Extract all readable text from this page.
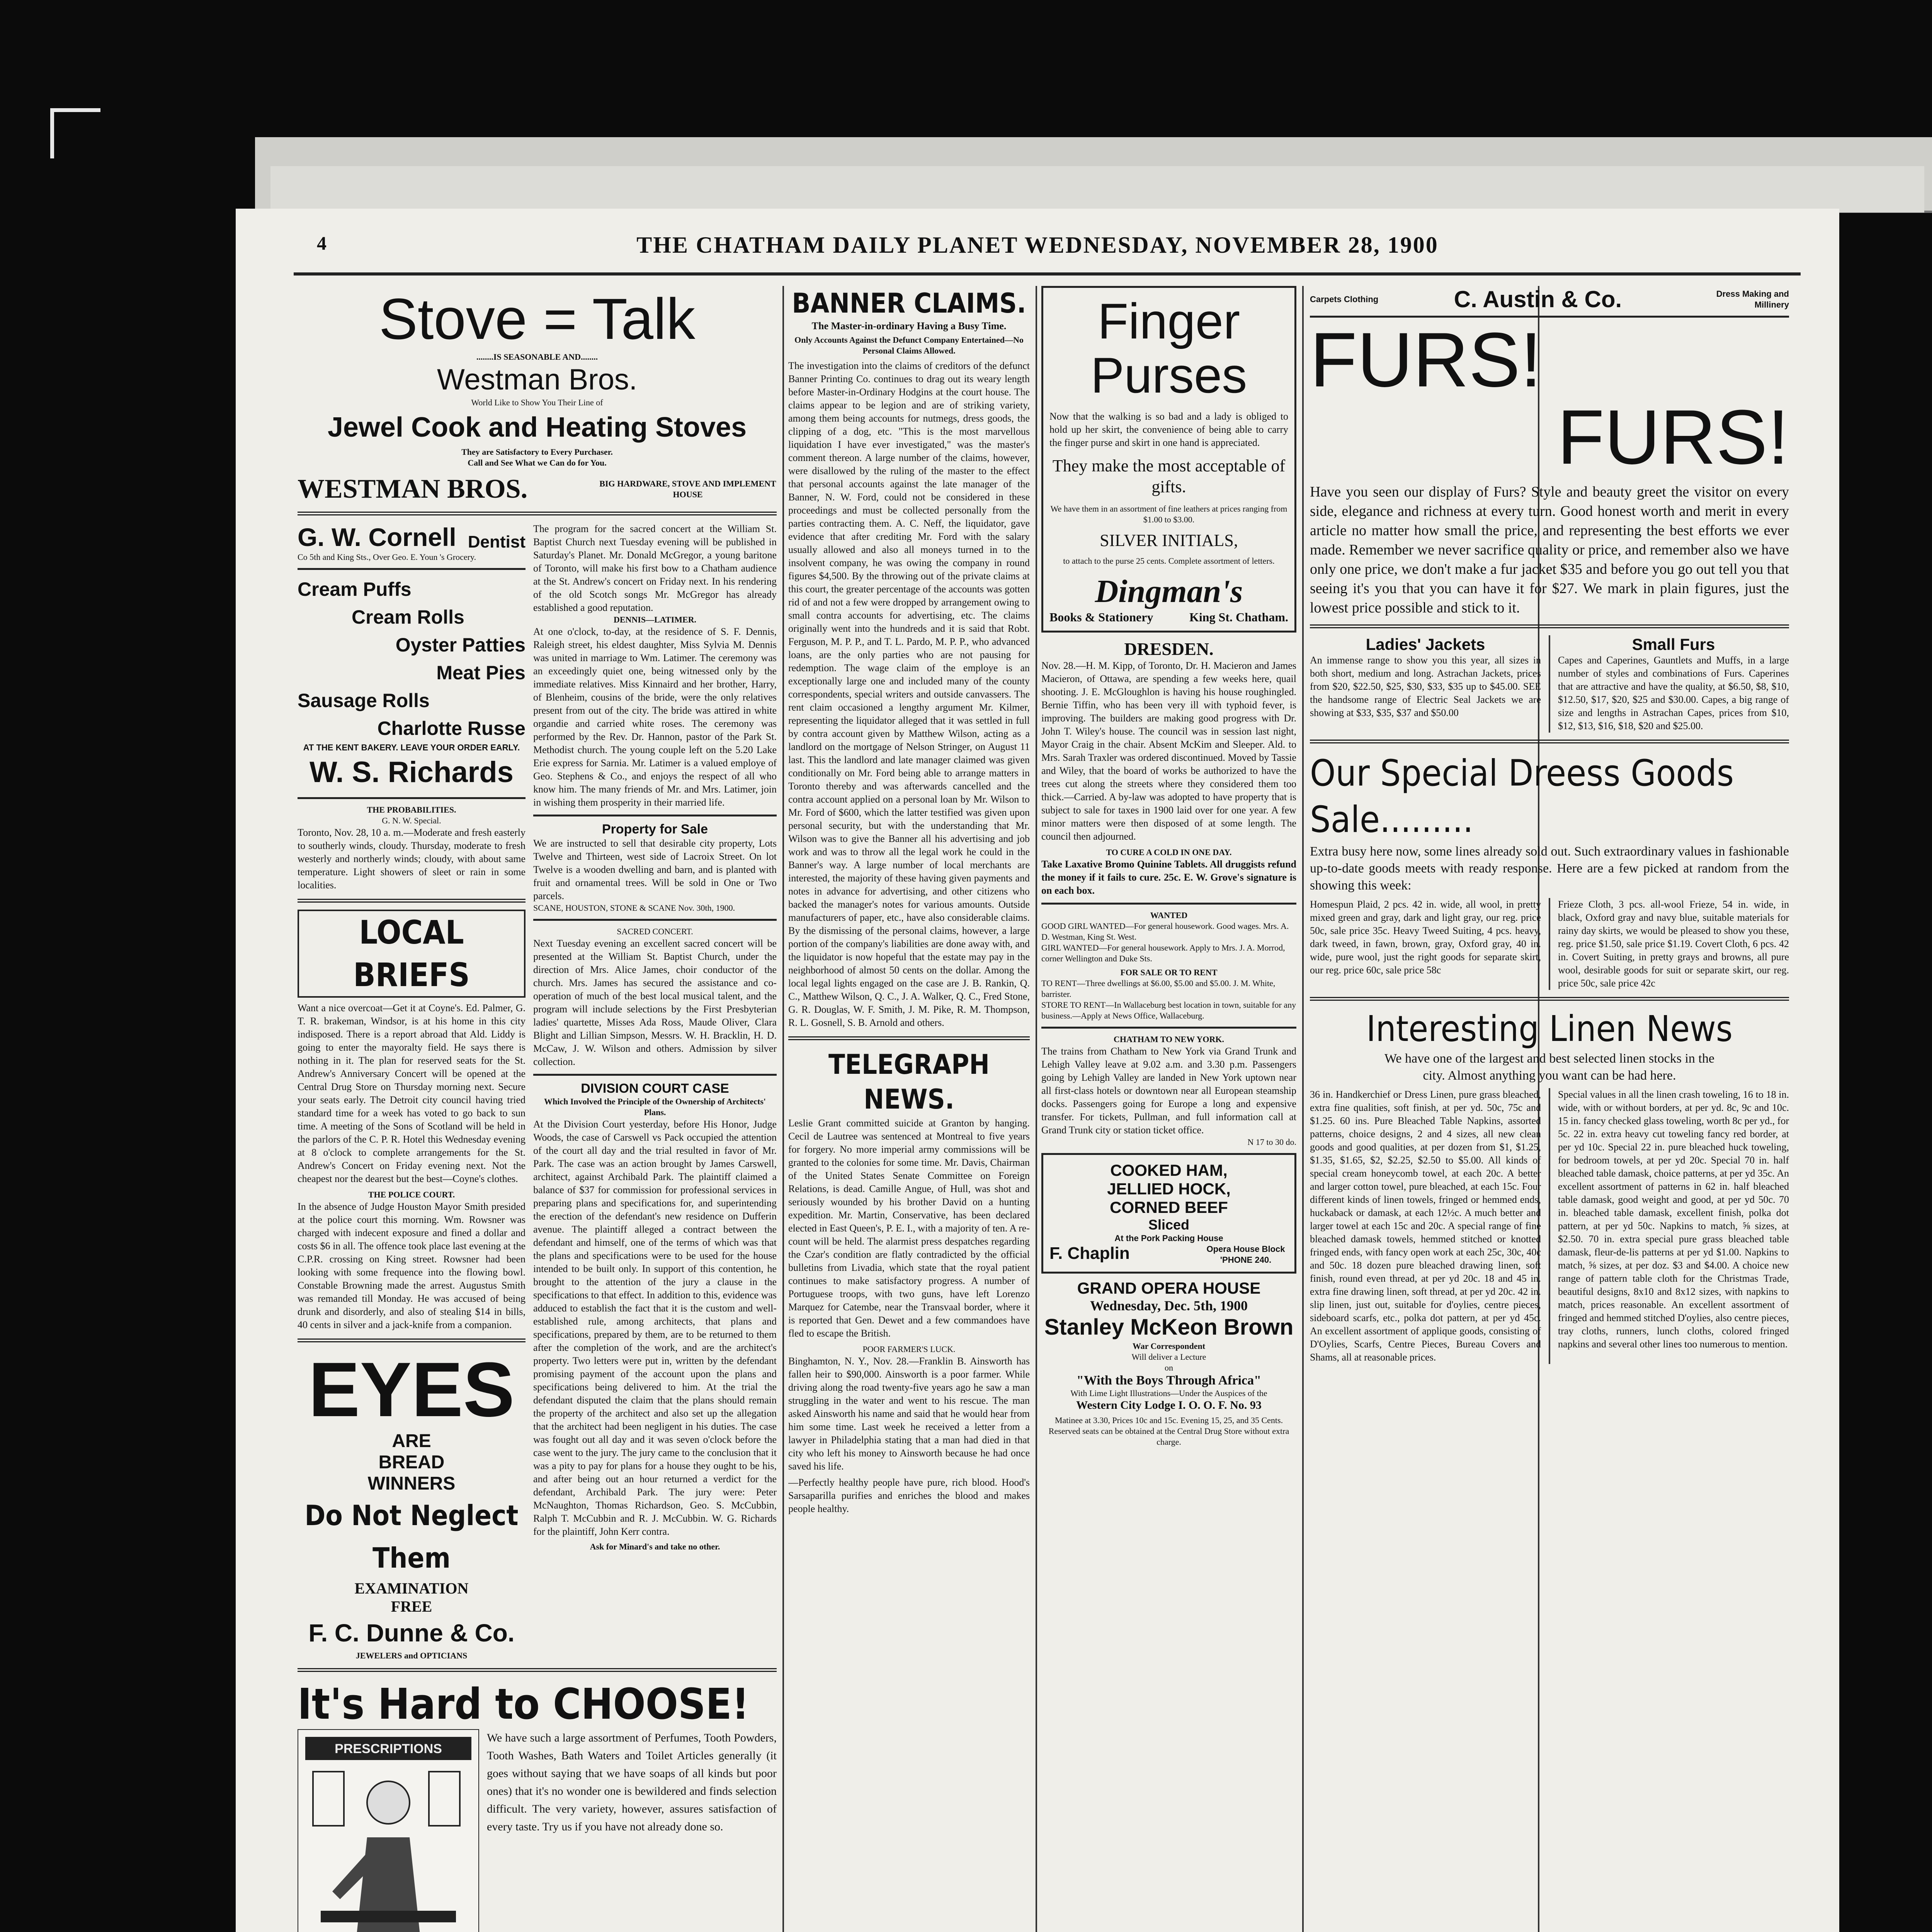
4	THE CHATHAM DAILY PLANET WEDNESDAY, NOVEMBER 28, 1900
Stove = Talk
........IS SEASONABLE AND........
Westman Bros.
World Like to Show You Their Line of
Jewel Cook and Heating Stoves
They are Satisfactory to Every Purchaser.
Call and See What we Can do for You.
WESTMAN BROS.	BIG HARDWARE, STOVE AND IMPLEMENT HOUSE
G. W. Cornell Dentist
Co 5th and King Sts., Over Geo. E. Youn 's Grocery.
Cream Puffs
Cream Rolls
Oyster Patties
Meat Pies
Sausage Rolls
Charlotte Russe
AT THE KENT BAKERY. LEAVE YOUR ORDER EARLY.
W. S. Richards
THE PROBABILITIES.
G. N. W. Special.
Toronto, Nov. 28, 10 a. m.—Moderate and fresh easterly to southerly winds, cloudy. Thursday, moderate to fresh westerly and northerly winds; cloudy, with about same temperature. Light showers of sleet or rain in some localities.
LOCAL BRIEFS
Want a nice overcoat—Get it at Coyne's. Ed. Palmer, G. T. R. brakeman, Windsor, is at his home in this city indisposed. There is a report abroad that Ald. Liddy is going to enter the mayoralty field. He says there is nothing in it. The plan for reserved seats for the St. Andrew's Anniversary Concert will be opened at the Central Drug Store on Thursday morning next. Secure your seats early. The Detroit city council having tried standard time for a week has voted to go back to sun time. A meeting of the Sons of Scotland will be held in the parlors of the C. P. R. Hotel this Wednesday evening at 8 o'clock to complete arrangements for the St. Andrew's Concert on Friday evening next. Not the cheapest nor the dearest but the best—Coyne's clothes.
THE POLICE COURT.
In the absence of Judge Houston Mayor Smith presided at the police court this morning. Wm. Rowsner was charged with indecent exposure and fined a dollar and costs $6 in all. The offence took place last evening at the C.P.R. crossing on King street. Rowsner had been looking with some frequence into the flowing bowl. Constable Browning made the arrest. Augustus Smith was remanded till Monday. He was accused of being drunk and disorderly, and also of stealing $14 in bills, 40 cents in silver and a jack-knife from a companion.
EYES
ARE
BREAD
WINNERS
Do Not Neglect Them
EXAMINATION
FREE
F. C. Dunne & Co.
JEWELERS and OPTICIANS
The program for the sacred concert at the William St. Baptist Church next Tuesday evening will be published in Saturday's Planet. Mr. Donald McGregor, a young baritone of Toronto, will make his first bow to a Chatham audience at the St. Andrew's concert on Friday next. In his rendering of the old Scotch songs Mr. McGregor has already established a good reputation.
DENNIS—LATIMER.
At one o'clock, to-day, at the residence of S. F. Dennis, Raleigh street, his eldest daughter, Miss Sylvia M. Dennis was united in marriage to Wm. Latimer. The ceremony was an exceedingly quiet one, being witnessed only by the immediate relatives. Miss Kinnaird and her brother, Harry, of Blenheim, cousins of the bride, were the only relatives present from out of the city. The bride was attired in white organdie and carried white roses. The ceremony was performed by the Rev. Dr. Hannon, pastor of the Park St. Methodist church. The young couple left on the 5.20 Lake Erie express for Sarnia. Mr. Latimer is a valued employe of Geo. Stephens & Co., and enjoys the respect of all who know him. The many friends of Mr. and Mrs. Latimer, join in wishing them prosperity in their married life.
Property for Sale
We are instructed to sell that desirable city property, Lots Twelve and Thirteen, west side of Lacroix Street. On lot Twelve is a wooden dwelling and barn, and is planted with fruit and ornamental trees. Will be sold in One or Two parcels.
SCANE, HOUSTON, STONE & SCANE Nov. 30th, 1900.
SACRED CONCERT.
Next Tuesday evening an excellent sacred concert will be presented at the William St. Baptist Church, under the direction of Mrs. Alice James, choir conductor of the church. Mrs. James has secured the assistance and co-operation of much of the best local musical talent, and the program will include selections by the First Presbyterian ladies' quartette, Misses Ada Ross, Maude Oliver, Clara Blight and Lillian Simpson, Messrs. W. H. Bracklin, H. D. McCaw, J. W. Wilson and others. Admission by silver collection.
DIVISION COURT CASE
Which Involved the Principle of the Ownership of Architects' Plans.
At the Division Court yesterday, before His Honor, Judge Woods, the case of Carswell vs Pack occupied the attention of the court all day and the trial resulted in favor of Mr. Park. The case was an action brought by James Carswell, architect, against Archibald Park. The plaintiff claimed a balance of $37 for commission for professional services in preparing plans and specifications for, and superintending the erection of the defendant's new residence on Dufferin avenue. The plaintiff alleged a contract between the defendant and himself, one of the terms of which was that the plans and specifications were to be used for the house intended to be built only. In support of this contention, he brought to the attention of the jury a clause in the specifications to that effect. In addition to this, evidence was adduced to establish the fact that it is the custom and well-established rule, among architects, that plans and specifications, prepared by them, are to be returned to them after the completion of the work, and are the architect's property. Two letters were put in, written by the defendant promising payment of the account upon the plans and specifications being delivered to him. At the trial the defendant disputed the claim that the plans should remain the property of the architect and also set up the allegation that the architect had been negligent in his duties. The case was fought out all day and it was seven o'clock before the case went to the jury. The jury came to the conclusion that it was a pity to pay for plans for a house they ought to be his, and after being out an hour returned a verdict for the defendant, Archibald Park. The jury were: Peter McNaughton, Thomas Richardson, Geo. S. McCubbin, Ralph T. McCubbin and R. J. McCubbin. W. G. Richards for the plaintiff, John Kerr contra.
Ask for Minard's and take no other.
It's Hard to CHOOSE!
PRESCRIPTIONS
We have such a large assortment of Perfumes, Tooth Powders, Tooth Washes, Bath Waters and Toilet Articles generally (it goes without saying that we have soaps of all kinds but poor ones) that it's no wonder one is bewildered and finds selection difficult. The very variety, however, assures satisfaction of every taste. Try us if you have not already done so.

BANNER CLAIMS.
The Master-in-ordinary Having a Busy Time.
Only Accounts Against the Defunct Company Entertained—No Personal Claims Allowed.
The investigation into the claims of creditors of the defunct Banner Printing Co. continues to drag out its weary length before Master-in-Ordinary Hodgins at the court house. The claims appear to be legion and are of striking variety, among them being accounts for nutmegs, dress goods, the clipping of a dog, etc. "This is the most marvellous liquidation I have ever investigated," was the master's comment thereon. A large number of the claims, however, were disallowed by the ruling of the master to the effect that personal accounts against the late manager of the Banner, N. W. Ford, could not be considered in these proceedings and must be collected personally from the parties contracting them. A. C. Neff, the liquidator, gave evidence that after crediting Mr. Ford with the salary usually allowed and also all moneys turned in to the insolvent company, he was owing the company in round figures $4,500. By the throwing out of the private claims at this court, the greater percentage of the accounts was gotten rid of and not a few were dropped by arrangement owing to small contra accounts for advertising, etc. The claims originally went into the hundreds and it is said that Robt. Ferguson, M. P. P., and T. L. Pardo, M. P. P., who advanced loans, are the only parties who are not pausing for redemption. The wage claim of the employe is an exceptionally large one and included many of the county correspondents, special writers and outside canvassers. The rent claim occasioned a lengthy argument Mr. Kilmer, representing the liquidator alleged that it was settled in full by contra account given by Matthew Wilson, acting as a landlord on the mortgage of Nelson Stringer, on August 11 last. This the landlord and late manager claimed was given conditionally on Mr. Ford being able to arrange matters in Toronto thereby and was afterwards cancelled and the contra account applied on a personal loan by Mr. Wilson to Mr. Ford of $600, which the latter testified was given upon personal security, but with the understanding that Mr. Wilson was to give the Banner all his advertising and job work and was to throw all the legal work he could in the Banner's way. A large number of local merchants are interested, the majority of these having given payments and notes in advance for advertising, and other citizens who backed the manager's notes for various amounts. Outside manufacturers of paper, etc., have also considerable claims. By the dismissing of the personal claims, however, a large portion of the company's liabilities are done away with, and the liquidator is now hopeful that the estate may pay in the neighborhood of almost 50 cents on the dollar. Among the local legal lights engaged on the case are J. B. Rankin, Q. C., Matthew Wilson, Q. C., J. A. Walker, Q. C., Fred Stone, G. R. Douglas, W. F. Smith, J. M. Pike, R. M. Thompson, R. L. Gosnell, S. B. Arnold and others.
TELEGRAPH NEWS.
Leslie Grant committed suicide at Granton by hanging. Cecil de Lautree was sentenced at Montreal to five years for forgery. No more imperial army commissions will be granted to the colonies for some time. Mr. Davis, Chairman of the United States Senate Committee on Foreign Relations, is dead. Camille Angue, of Hull, was shot and seriously wounded by his brother David on a hunting expedition. Mr. Martin, Conservative, has been declared elected in East Queen's, P. E. I., with a majority of ten. A re-count will be held. The alarmist press despatches regarding the Czar's condition are flatly contradicted by the official bulletins from Livadia, which state that the royal patient continues to make satisfactory progress. A number of Portuguese troops, with two guns, have left Lorenzo Marquez for Catembe, near the Transvaal border, where it is reported that Gen. Dewet and a few commandoes have fled to escape the British.
POOR FARMER'S LUCK.
Binghamton, N. Y., Nov. 28.—Franklin B. Ainsworth has fallen heir to $90,000. Ainsworth is a poor farmer. While driving along the road twenty-five years ago he saw a man struggling in the water and went to his rescue. The man asked Ainsworth his name and said that he would hear from him some time. Last week he received a letter from a lawyer in Philadelphia stating that a man had died in that city who left his money to Ainsworth because he had once saved his life.
—Perfectly healthy people have pure, rich blood. Hood's Sarsaparilla purifies and enriches the blood and makes people healthy.
Finger
Purses
Now that the walking is so bad and a lady is obliged to hold up her skirt, the convenience of being able to carry the finger purse and skirt in one hand is appreciated.
They make the most acceptable of gifts.
We have them in an assortment of fine leathers at prices ranging from $1.00 to $3.00.
SILVER INITIALS,
to attach to the purse 25 cents. Complete assortment of letters.
Dingman's
Books & Stationery	King St. Chatham.
DRESDEN.
Nov. 28.—H. M. Kipp, of Toronto, Dr. H. Macieron and James Macieron, of Ottawa, are spending a few weeks here, quail shooting. J. E. McGloughlon is having his house roughingled. Bernie Tiffin, who has been very ill with typhoid fever, is improving. The builders are making good progress with Dr. John T. Wiley's house. The council was in session last night, Mayor Craig in the chair. Absent McKim and Sleeper. Ald. to Mrs. Sarah Traxler was ordered discontinued. Moved by Tassie and Wiley, that the board of works be authorized to have the trees cut along the streets where they considered them too thick.—Carried. A by-law was adopted to have property that is subject to sale for taxes in 1900 laid over for one year. A few minor matters were then disposed of at some length. The council then adjourned.
TO CURE A COLD IN ONE DAY.
Take Laxative Bromo Quinine Tablets. All druggists refund the money if it fails to cure. 25c. E. W. Grove's signature is on each box.
WANTED
GOOD GIRL WANTED—For general housework. Good wages. Mrs. A. D. Westman, King St. West.
GIRL WANTED—For general housework. Apply to Mrs. J. A. Morrod, corner Wellington and Duke Sts.
FOR SALE OR TO RENT
TO RENT—Three dwellings at $6.00, $5.00 and $5.00. J. M. White, barrister.
STORE TO RENT—In Wallaceburg best location in town, suitable for any business.—Apply at News Office, Wallaceburg.
CHATHAM TO NEW YORK.
The trains from Chatham to New York via Grand Trunk and Lehigh Valley leave at 9.02 a.m. and 3.30 p.m. Passengers going by Lehigh Valley are landed in New York uptown near all first-class hotels or downtown near all European steamship docks. Passengers going for Europe a long and expensive transfer. For tickets, Pullman, and full information call at Grand Trunk city or station ticket office.
N 17 to 30 do.
COOKED HAM,
JELLIED HOCK,
CORNED BEEF
Sliced
At the Pork Packing House
F. Chaplin	Opera House Block 'PHONE 240.
GRAND OPERA HOUSE
Wednesday, Dec. 5th, 1900
Stanley McKeon Brown
War Correspondent
Will deliver a Lecture
on
"With the Boys Through Africa"
With Lime Light Illustrations—Under the Auspices of the
Western City Lodge I. O. O. F. No. 93
Matinee at 3.30, Prices 10c and 15c. Evening 15, 25, and 35 Cents.
Reserved seats can be obtained at the Central Drug Store without extra charge.
Carpets Clothing	C. Austin & Co.	Dress Making and Millinery
FURS!
FURS!
Have you seen our display of Furs? Style and beauty greet the visitor on every side, elegance and richness at every turn. Good honest worth and merit in every article no matter how small the price, and representing the best efforts we ever made. Remember we never sacrifice quality or price, and remember also we have only one price, we don't make a fur jacket $35 and before you go out tell you that seeing it's you that you can have it for $27. We mark in plain figures, just the lowest price possible and stick to it.
Ladies' Jackets
An immense range to show you this year, all sizes in both short, medium and long. Astrachan Jackets, prices from $20, $22.50, $25, $30, $33, $35 up to $45.00. SEE the handsome range of Electric Seal Jackets we are showing at $33, $35, $37 and $50.00
Small Furs
Capes and Caperines, Gauntlets and Muffs, in a large number of styles and combinations of Furs. Caperines that are attractive and have the quality, at $6.50, $8, $10, $12.50, $17, $20, $25 and $30.00. Capes, a big range of size and lengths in Astrachan Capes, prices from $10, $12, $13, $16, $18, $20 and $25.00.
Our Special Dreess Goods Sale.........
Extra busy here now, some lines already sold out. Such extraordinary values in fashionable up-to-date goods meets with ready response. Here are a few picked at random from the showing this week:
Homespun Plaid, 2 pcs. 42 in. wide, all wool, in pretty mixed green and gray, dark and light gray, our reg. price 50c, sale price 35c. Heavy Tweed Suiting, 4 pcs. heavy, dark tweed, in fawn, brown, gray, Oxford gray, 40 in. wide, pure wool, just the right goods for separate skirt, our reg. price 60c, sale price 58c
Frieze Cloth, 3 pcs. all-wool Frieze, 54 in. wide, in black, Oxford gray and navy blue, suitable materials for rainy day skirts, we would be pleased to show you these, reg. price $1.50, sale price $1.19. Covert Cloth, 6 pcs. 42 in. Covert Suiting, in pretty grays and browns, all pure wool, desirable goods for suit or separate skirt, our reg. price 50c, sale price 42c
Interesting Linen News
We have one of the largest and best selected linen stocks in the city. Almost anything you want can be had here.
36 in. Handkerchief or Dress Linen, pure grass bleached, extra fine qualities, soft finish, at per yd. 50c, 75c and $1.25. 60 ins. Pure Bleached Table Napkins, assorted patterns, choice designs, 2 and 4 sizes, all new clean goods and good qualities, at per dozen from $1, $1.25, $1.35, $1.65, $2, $2.25, $2.50 to $5.00. All kinds of special cream honeycomb towel, at each 20c. A better and larger cotton towel, pure bleached, at each 15c. Four different kinds of linen towels, fringed or hemmed ends, huckaback or damask, at each 12½c. A much better and larger towel at each 15c and 20c. A special range of fine bleached damask towels, hemmed stitched or knotted fringed ends, with fancy open work at each 25c, 30c, 40c and 50c. 18 dozen pure bleached drawing linen, soft finish, round even thread, at per yd 20c. 18 and 45 in. extra fine drawing linen, soft thread, at per yd 20c. 42 in. slip linen, just out, suitable for d'oylies, centre pieces, sideboard scarfs, etc., polka dot pattern, at per yd 45c. An excellent assortment of applique goods, consisting of D'Oylies, Scarfs, Centre Pieces, Bureau Covers and Shams, all at reasonable prices.
Special values in all the linen crash toweling, 16 to 18 in. wide, with or without borders, at per yd. 8c, 9c and 10c. 15 in. fancy checked glass toweling, worth 8c per yd., for 5c. 22 in. extra heavy cut toweling fancy red border, at per yd 10c. Special 22 in. pure bleached huck toweling, for bedroom towels, at per yd 20c. Special 70 in. half bleached table damask, choice patterns, at per yd 35c. An excellent assortment of patterns in 62 in. half bleached table damask, good weight and good, at per yd 50c. 70 in. bleached table damask, excellent finish, polka dot pattern, at per yd 50c. Napkins to match, ⅝ sizes, at $2.50. 70 in. extra special pure grass bleached table damask, fleur-de-lis patterns at per yd $1.00. Napkins to match, ⅝ sizes, at per doz. $3 and $4.00. A choice new range of pattern table cloth for the Christmas Trade, beautiful designs, 8x10 and 8x12 sizes, with napkins to match, prices reasonable. An excellent assortment of fringed and hemmed stitched D'oylies, also centre pieces, tray cloths, runners, lunch cloths, colored fringed napkins and several other lines too numerous to mention.
